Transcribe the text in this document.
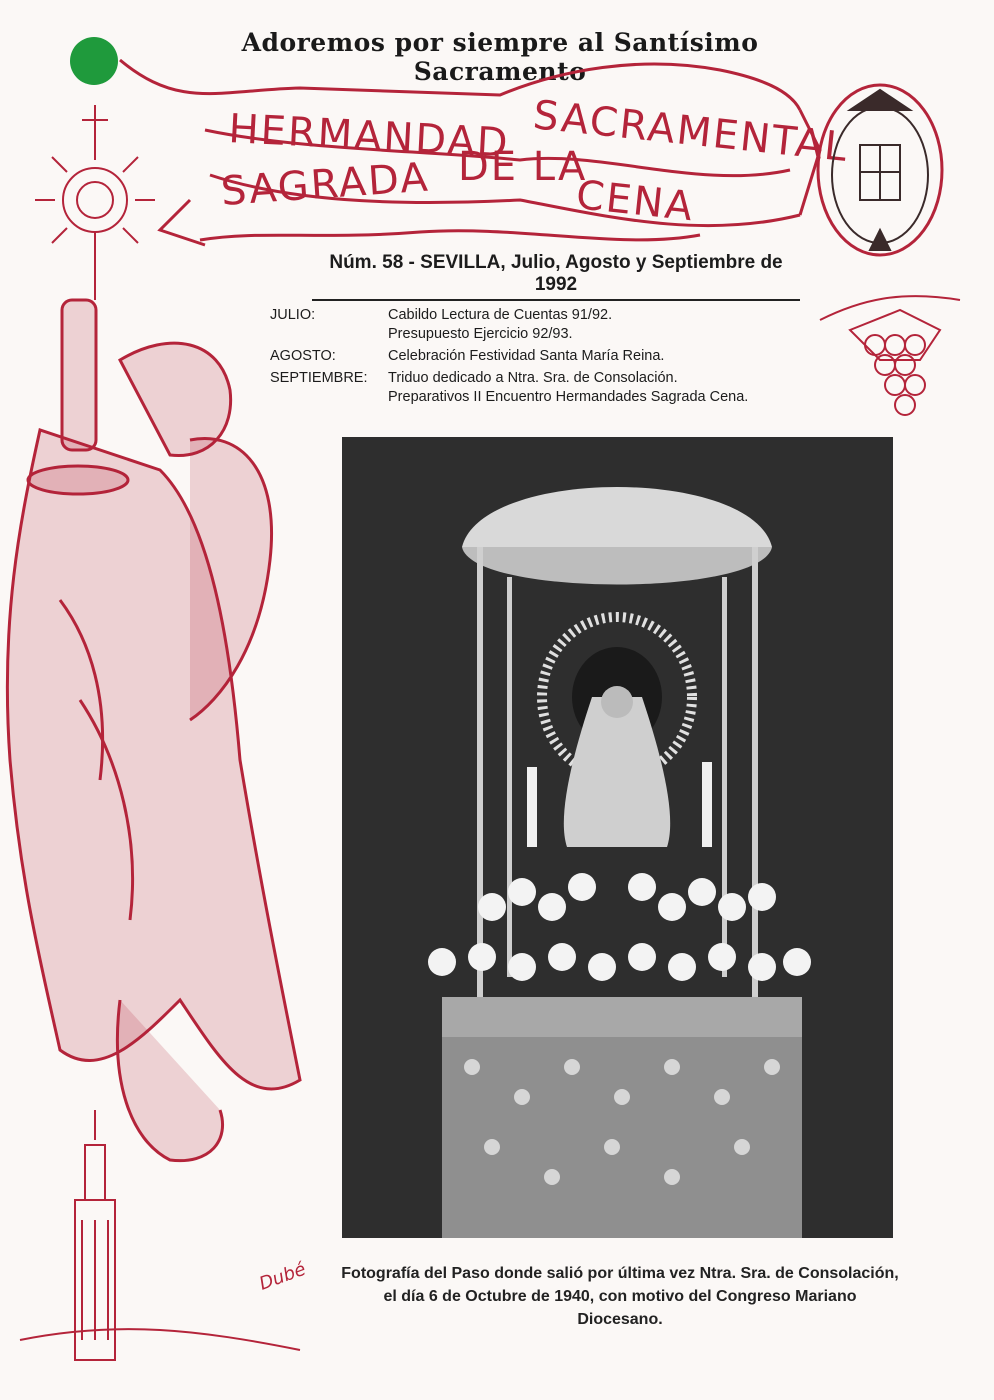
Adoremos por siempre al Santísimo Sacramento
HERMANDAD SACRAMENTAL
SAGRADA DE LA
CENA
Dubé
Núm. 58 - SEVILLA, Julio, Agosto y Septiembre de 1992
JULIO:	Cabildo Lectura de Cuentas 91/92.
Presupuesto Ejercicio 92/93.
AGOSTO:	Celebración Festividad Santa María Reina.
SEPTIEMBRE:	Triduo dedicado a Ntra. Sra. de Consolación.
Preparativos II Encuentro Hermandades Sagrada Cena.
Fotografía del Paso donde salió por última vez Ntra. Sra. de Consolación, el día 6 de Octubre de 1940, con motivo del Congreso Mariano Diocesano.
